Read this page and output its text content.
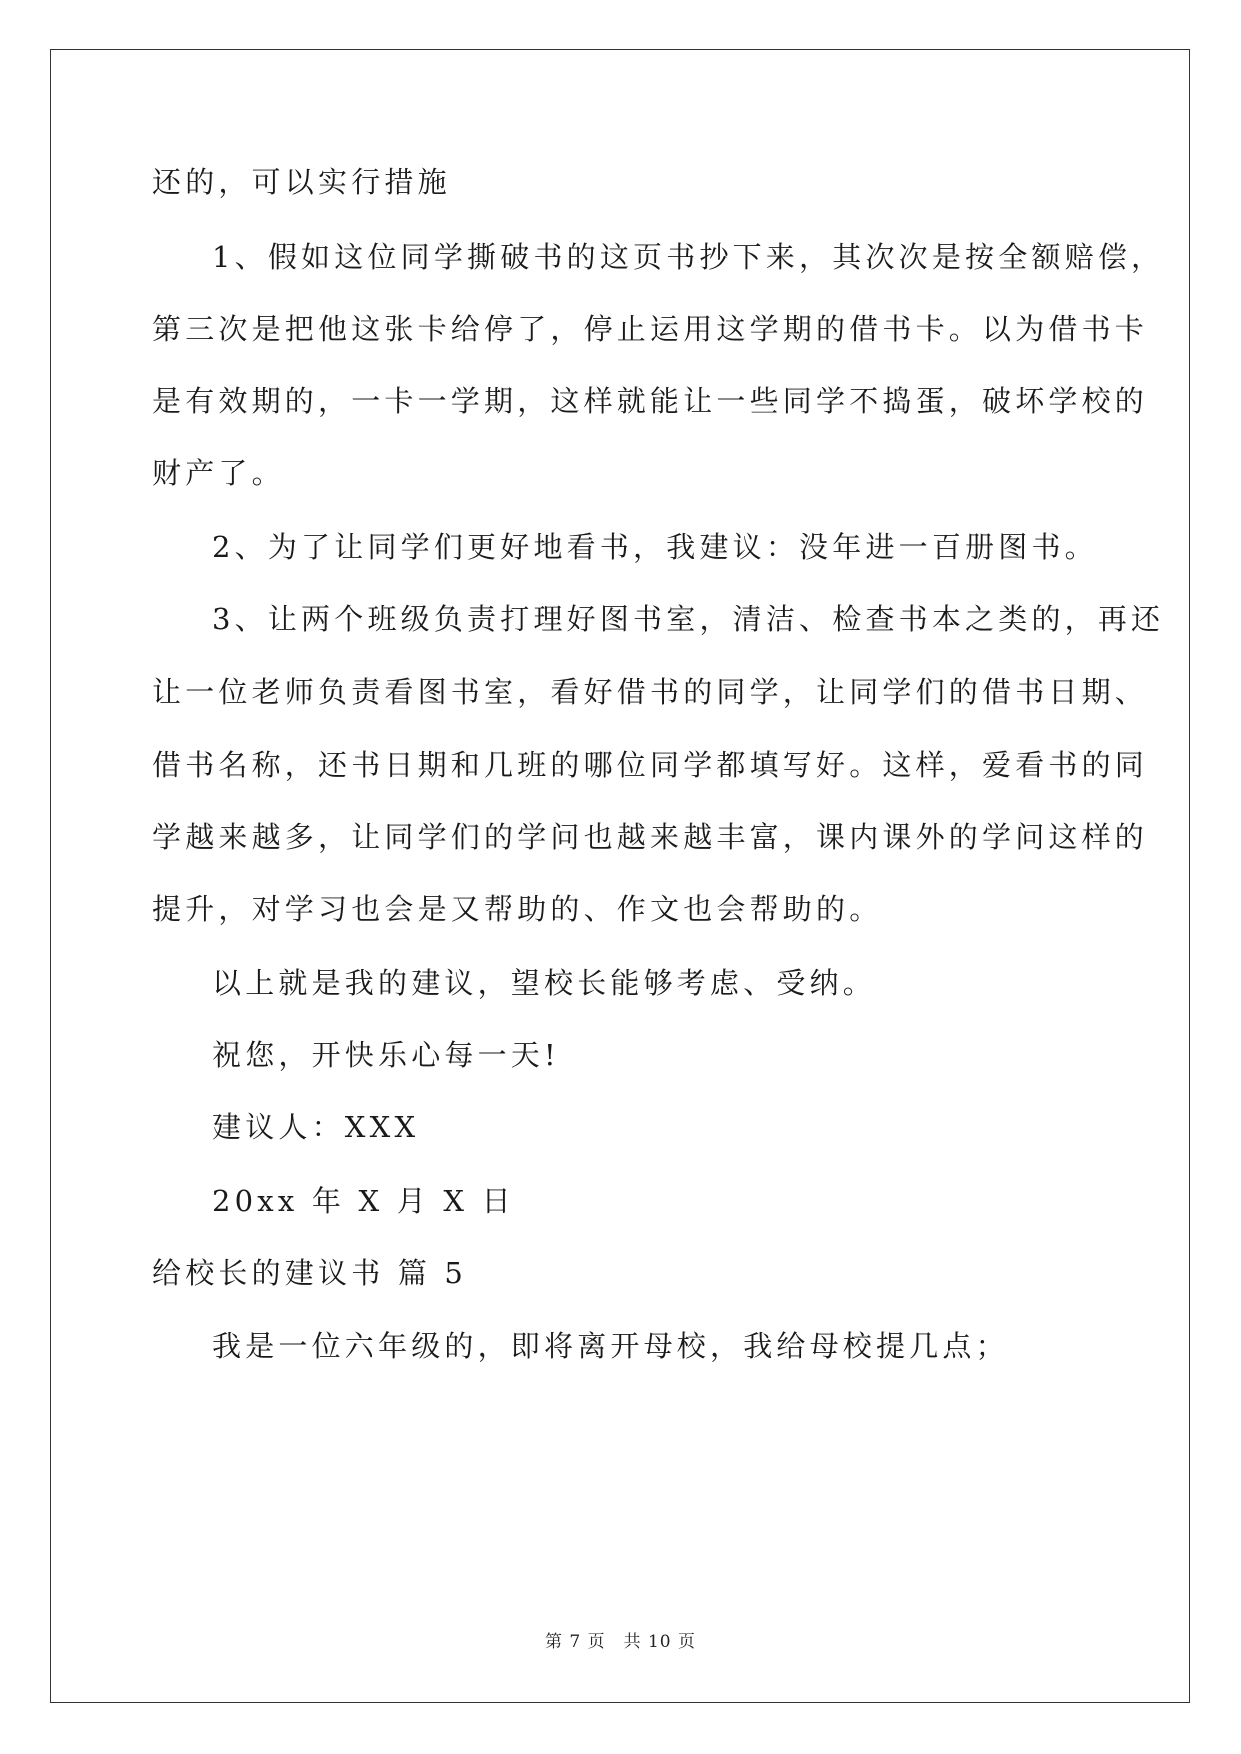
还的，可以实行措施
1、假如这位同学撕破书的这页书抄下来，其次次是按全额赔偿，
第三次是把他这张卡给停了，停止运用这学期的借书卡。以为借书卡
是有效期的，一卡一学期，这样就能让一些同学不捣蛋，破坏学校的
财产了。
2、为了让同学们更好地看书，我建议：没年进一百册图书。
3、让两个班级负责打理好图书室，清洁、检查书本之类的，再还
让一位老师负责看图书室，看好借书的同学，让同学们的借书日期、
借书名称，还书日期和几班的哪位同学都填写好。这样，爱看书的同
学越来越多，让同学们的学问也越来越丰富，课内课外的学问这样的
提升，对学习也会是又帮助的、作文也会帮助的。
以上就是我的建议，望校长能够考虑、受纳。
祝您，开快乐心每一天!
建议人：XXX
20xx 年 X 月 X 日
给校长的建议书 篇 5
我是一位六年级的，即将离开母校，我给母校提几点；
第 7 页　共 10 页
